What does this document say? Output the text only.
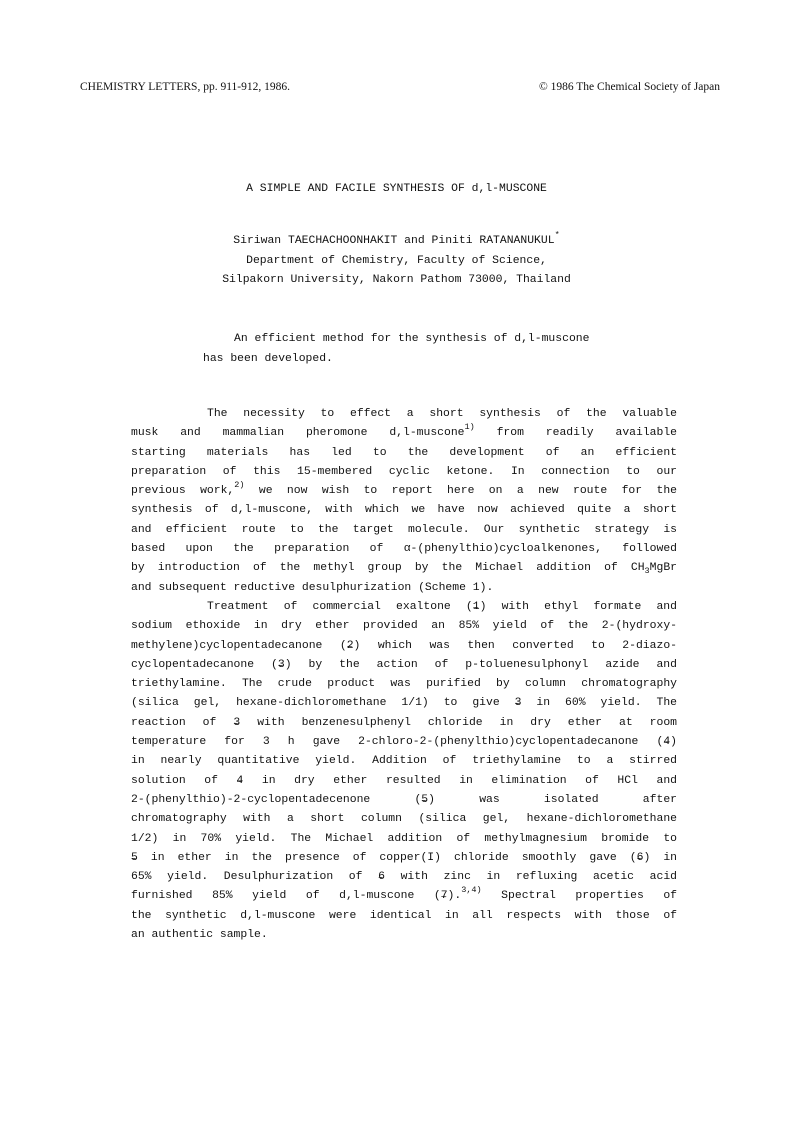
CHEMISTRY LETTERS, pp. 911-912, 1986.	© 1986 The Chemical Society of Japan
A SIMPLE AND FACILE SYNTHESIS OF d,l-MUSCONE
Siriwan TAECHACHOONHAKIT and Piniti RATANANUKUL*
Department of Chemistry, Faculty of Science,
Silpakorn University, Nakorn Pathom 73000, Thailand
An efficient method for the synthesis of d,l-muscone
has been developed.
The necessity to effect a short synthesis of the valuable
musk and mammalian pheromone d,l-muscone$^{1)}$ from readily available
starting materials has led to the development of an efficient
preparation of this 15-membered cyclic ketone. In connection to our
previous work,$^{2)}$ we now wish to report here on a new route for the
synthesis of d,l-muscone, with which we have now achieved quite a short
and efficient route to the target molecule. Our synthetic strategy is
based upon the preparation of α-(phenylthio)cycloalkenones, followed
by introduction of the methyl group by the Michael addition of $CH_3MgBr$
and subsequent reductive desulphurization (Scheme 1).
Treatment of commercial exaltone (1 ~) with ethyl formate and
sodium ethoxide in dry ether provided an 85% yield of the 2-(hydroxy-
methylene)cyclopentadecanone (2 ~) which was then converted to 2-diazo-
cyclopentadecanone (3 ~) by the action of p-toluenesulphonyl azide and
triethylamine. The crude product was purified by column chromatography
(silica gel, hexane-dichloromethane 1/1) to give 3 ~ in 60% yield. The
reaction of 3 ~ with benzenesulphenyl chloride in dry ether at room
temperature for 3 h gave 2-chloro-2-(phenylthio)cyclopentadecanone (4 ~)
in nearly quantitative yield. Addition of triethylamine to a stirred
solution of 4 ~ in dry ether resulted in elimination of HCl and
2-(phenylthio)-2-cyclopentadecenone (5 ~) was isolated after
chromatography with a short column (silica gel, hexane-dichloromethane
1/2) in 70% yield. The Michael addition of methylmagnesium bromide to
5 ~ in ether in the presence of copper(I) chloride smoothly gave (6 ~) in
65% yield. Desulphurization of 6 ~ with zinc in refluxing acetic acid
furnished 85% yield of d,l-muscone (7 ~).$^{3,4)}$ Spectral properties of
the synthetic d,l-muscone were identical in all respects with those of
an authentic sample.
